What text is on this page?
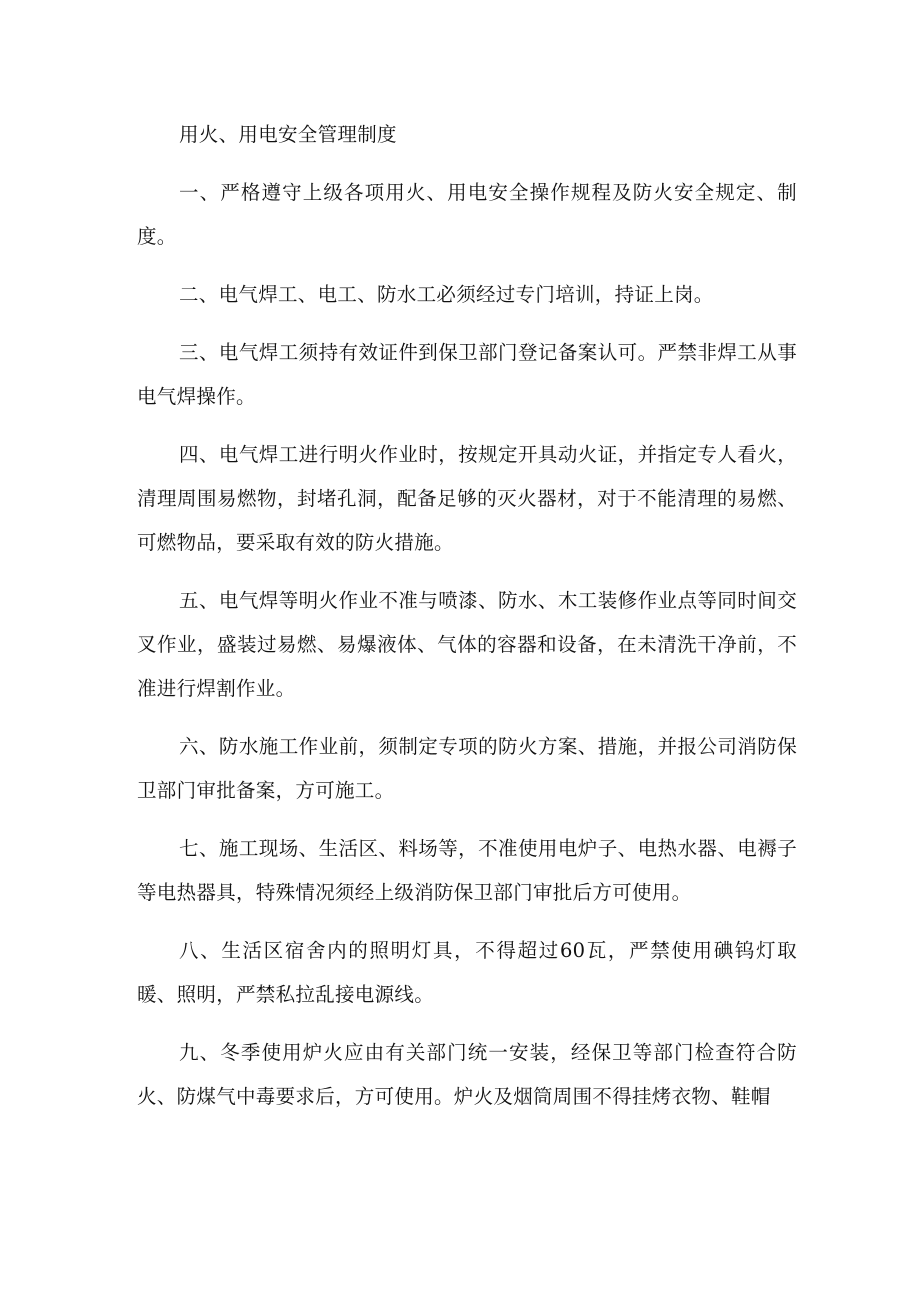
用火、用电安全管理制度

一、严格遵守上级各项用火、用电安全操作规程及防火安全规定、制度。

二、电气焊工、电工、防水工必须经过专门培训，持证上岗。

三、电气焊工须持有效证件到保卫部门登记备案认可。严禁非焊工从事电气焊操作。

四、电气焊工进行明火作业时，按规定开具动火证，并指定专人看火，清理周围易燃物，封堵孔洞，配备足够的灭火器材，对于不能清理的易燃、可燃物品，要采取有效的防火措施。

五、电气焊等明火作业不准与喷漆、防水、木工装修作业点等同时间交叉作业，盛装过易燃、易爆液体、气体的容器和设备，在未清洗干净前，不准进行焊割作业。

六、防水施工作业前，须制定专项的防火方案、措施，并报公司消防保卫部门审批备案，方可施工。

七、施工现场、生活区、料场等，不准使用电炉子、电热水器、电褥子等电热器具，特殊情况须经上级消防保卫部门审批后方可使用。

八、生活区宿舍内的照明灯具，不得超过60瓦，严禁使用碘钨灯取暖、照明，严禁私拉乱接电源线。

九、冬季使用炉火应由有关部门统一安装，经保卫等部门检查符合防火、防煤气中毒要求后，方可使用。炉火及烟筒周围不得挂烤衣物、鞋帽
